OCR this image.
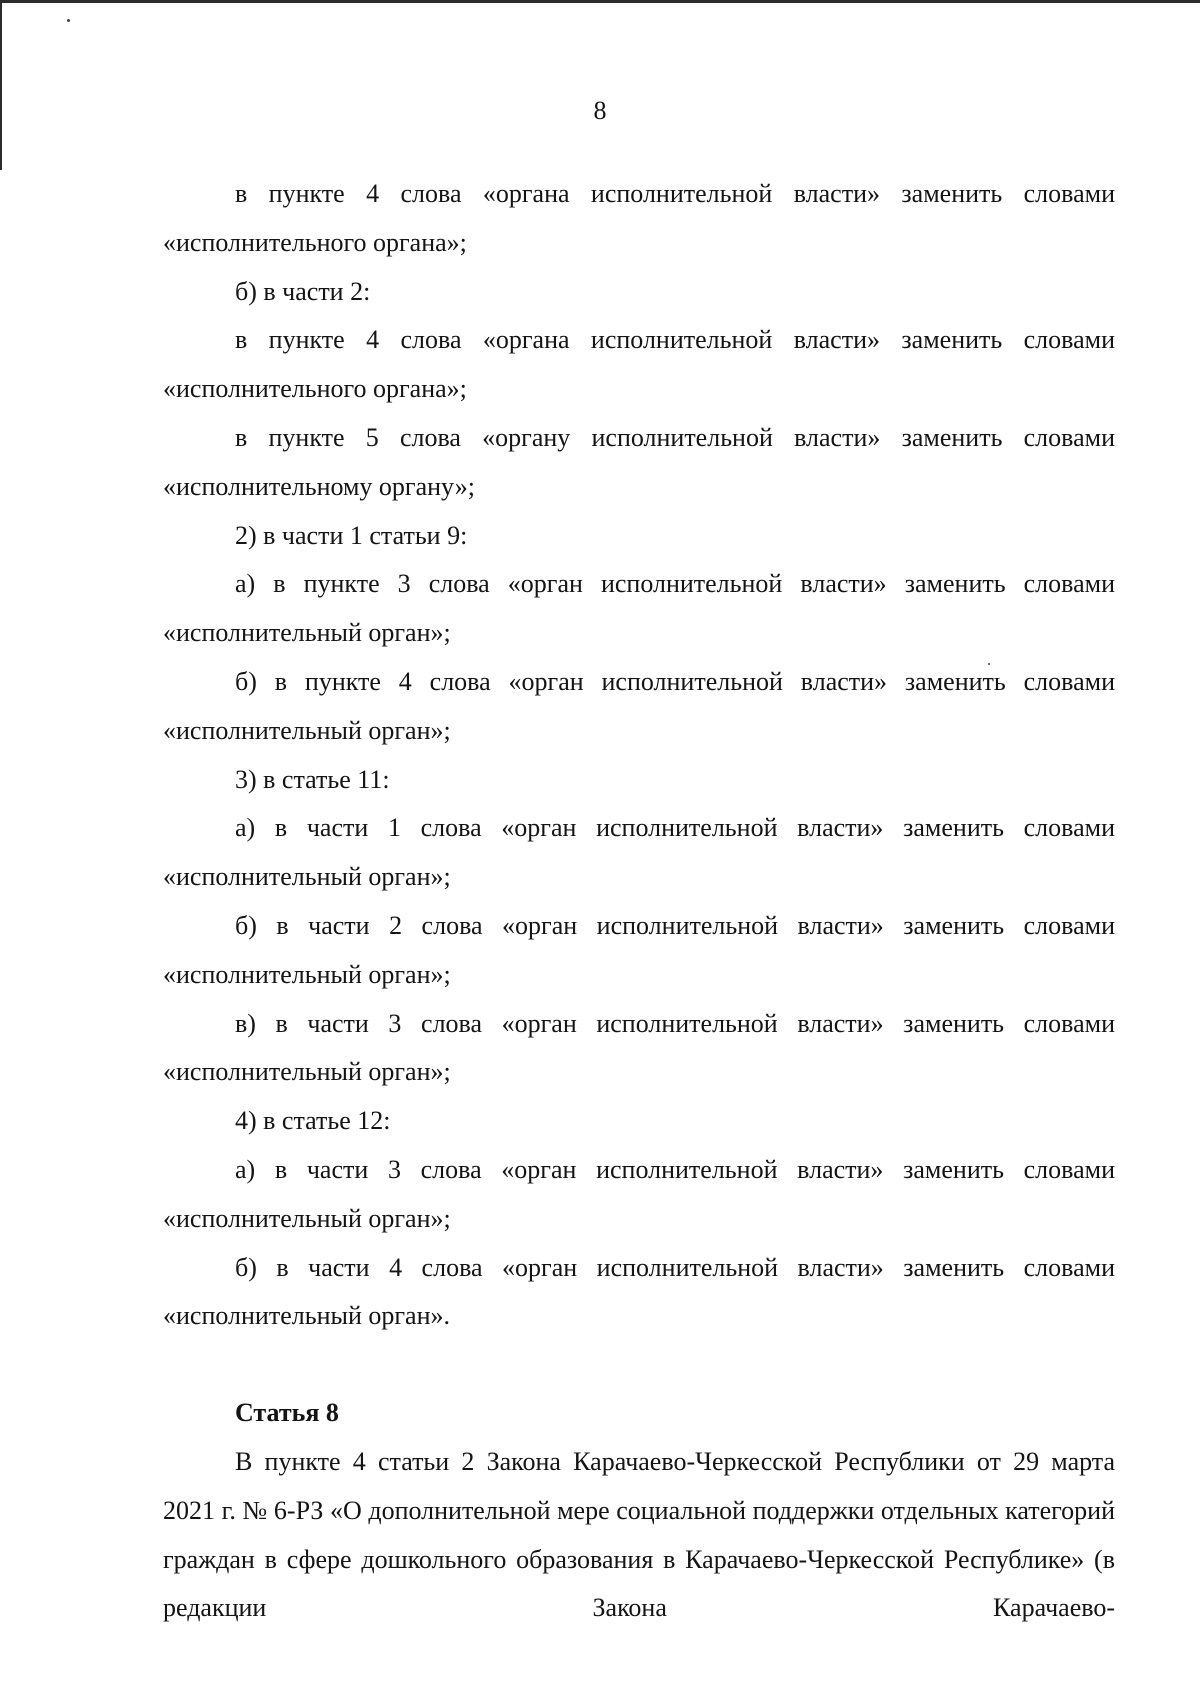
8

в пункте 4 слова «органа исполнительной власти» заменить словами «исполнительного органа»;

б) в части 2:

в пункте 4 слова «органа исполнительной власти» заменить словами «исполнительного органа»;

в пункте 5 слова «органу исполнительной власти» заменить словами «исполнительному органу»;

2) в части 1 статьи 9:

а) в пункте 3 слова «орган исполнительной власти» заменить словами «исполнительный орган»;

б) в пункте 4 слова «орган исполнительной власти» заменить словами «исполнительный орган»;

3) в статье 11:

а) в части 1 слова «орган исполнительной власти» заменить словами «исполнительный орган»;

б) в части 2 слова «орган исполнительной власти» заменить словами «исполнительный орган»;

в) в части 3 слова «орган исполнительной власти» заменить словами «исполнительный орган»;

4) в статье 12:

а) в части 3 слова «орган исполнительной власти» заменить словами «исполнительный орган»;

б) в части 4 слова «орган исполнительной власти» заменить словами «исполнительный орган».

Статья 8

В пункте 4 статьи 2 Закона Карачаево-Черкесской Республики от 29 марта 2021 г. № 6-РЗ «О дополнительной мере социальной поддержки отдельных категорий граждан в сфере дошкольного образования в Карачаево-Черкесской Республике» (в редакции Закона Карачаево-
